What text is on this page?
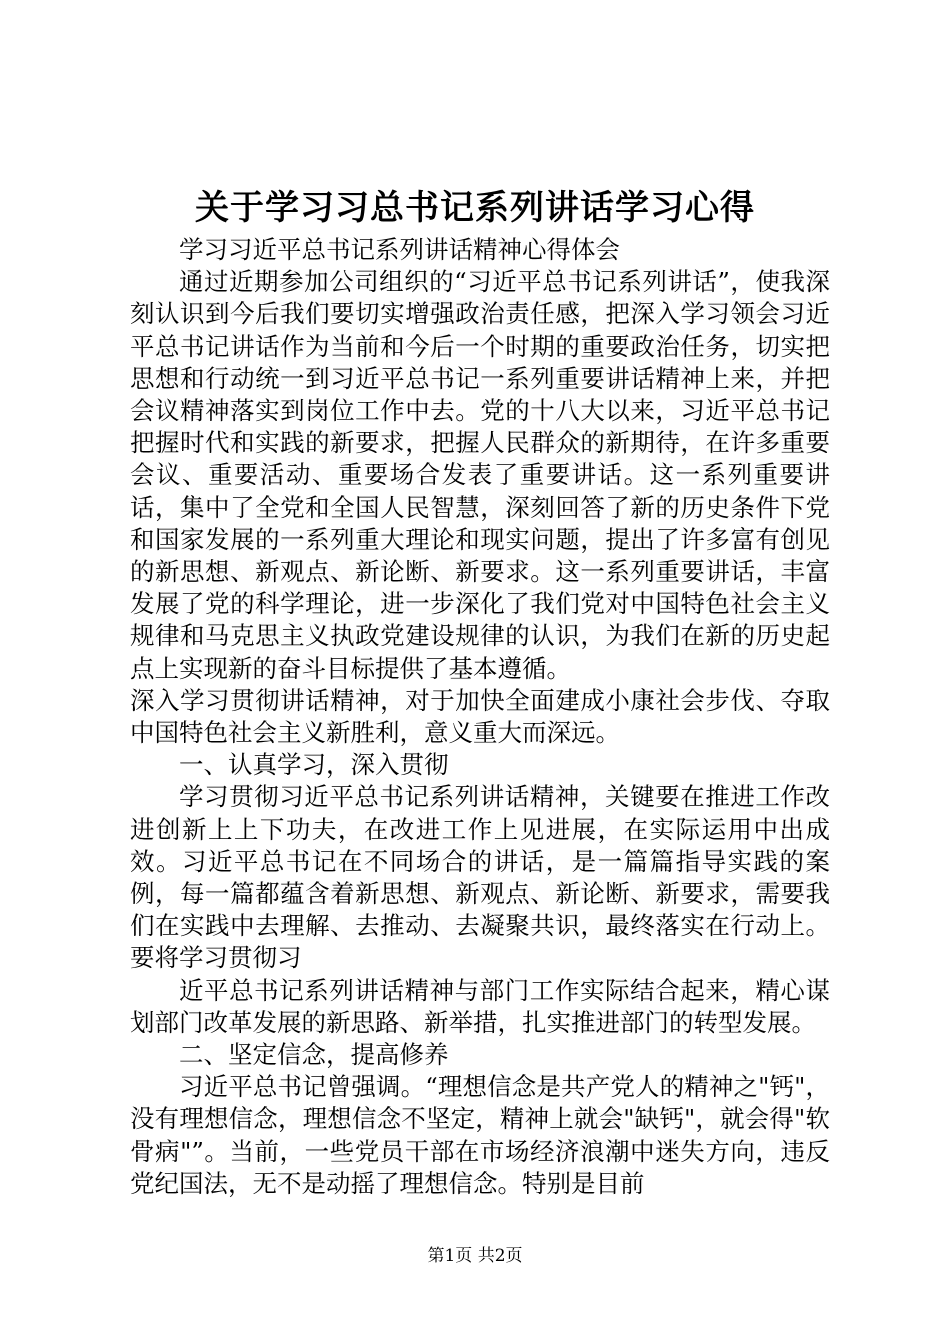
关于学习习总书记系列讲话学习心得

学习习近平总书记系列讲话精神心得体会

通过近期参加公司组织的“习近平总书记系列讲话”，使我深刻认识到今后我们要切实增强政治责任感，把深入学习领会习近平总书记讲话作为当前和今后一个时期的重要政治任务，切实把思想和行动统一到习近平总书记一系列重要讲话精神上来，并把会议精神落实到岗位工作中去。党的十八大以来，习近平总书记把握时代和实践的新要求，把握人民群众的新期待，在许多重要会议、重要活动、重要场合发表了重要讲话。这一系列重要讲话，集中了全党和全国人民智慧，深刻回答了新的历史条件下党和国家发展的一系列重大理论和现实问题，提出了许多富有创见的新思想、新观点、新论断、新要求。这一系列重要讲话，丰富发展了党的科学理论，进一步深化了我们党对中国特色社会主义规律和马克思主义执政党建设规律的认识，为我们在新的历史起点上实现新的奋斗目标提供了基本遵循。

深入学习贯彻讲话精神，对于加快全面建成小康社会步伐、夺取中国特色社会主义新胜利，意义重大而深远。

一、认真学习，深入贯彻

学习贯彻习近平总书记系列讲话精神，关键要在推进工作改进创新上上下功夫，在改进工作上见进展，在实际运用中出成效。习近平总书记在不同场合的讲话，是一篇篇指导实践的案例，每一篇都蕴含着新思想、新观点、新论断、新要求，需要我们在实践中去理解、去推动、去凝聚共识，最终落实在行动上。要将学习贯彻习

近平总书记系列讲话精神与部门工作实际结合起来，精心谋划部门改革发展的新思路、新举措，扎实推进部门的转型发展。

二、坚定信念，提高修养

习近平总书记曾强调。“理想信念是共产党人的精神之"钙"，没有理想信念，理想信念不坚定，精神上就会"缺钙"，就会得"软骨病"”。当前，一些党员干部在市场经济浪潮中迷失方向，违反党纪国法，无不是动摇了理想信念。特别是目前

第1页 共2页
